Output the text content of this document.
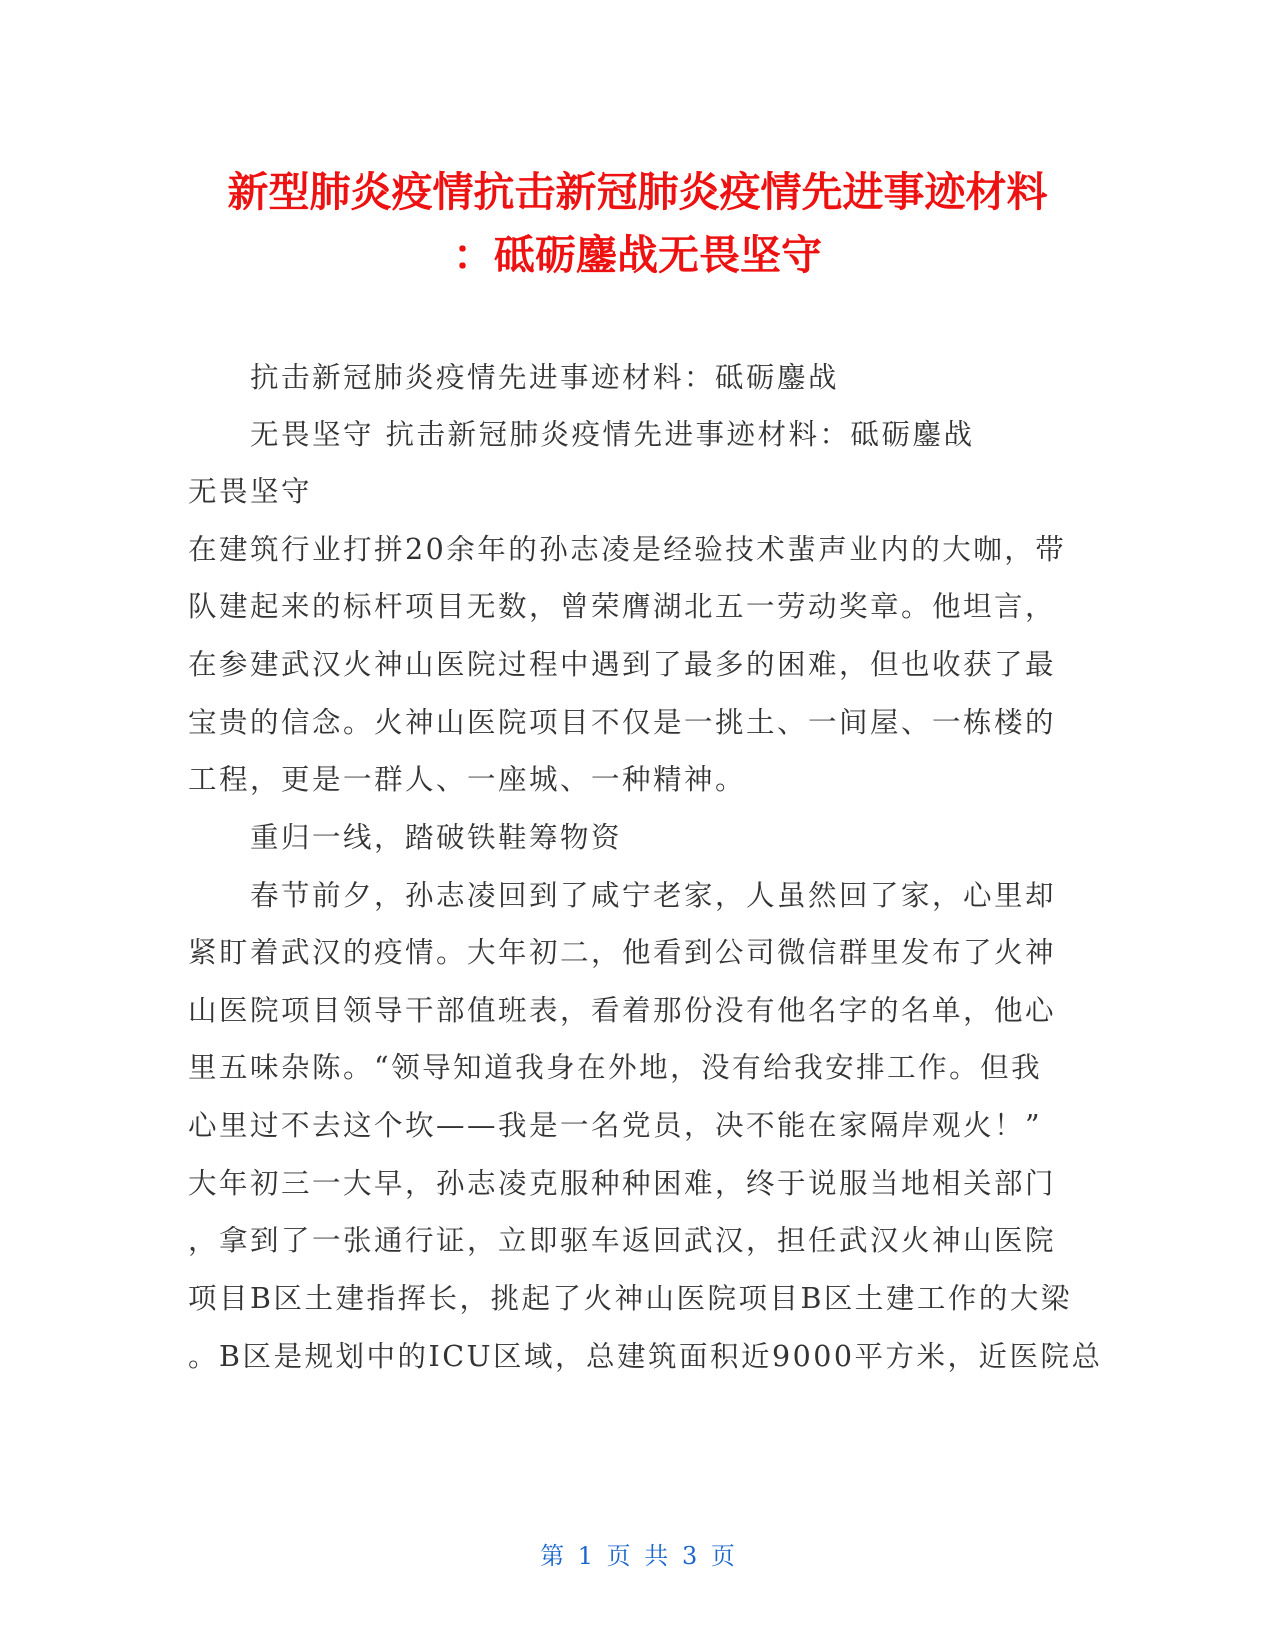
新型肺炎疫情抗击新冠肺炎疫情先进事迹材料
：砥砺鏖战无畏坚守

抗击新冠肺炎疫情先进事迹材料：砥砺鏖战

无畏坚守 抗击新冠肺炎疫情先进事迹材料：砥砺鏖战

无畏坚守

在建筑行业打拼20余年的孙志凌是经验技术蜚声业内的大咖，带

队建起来的标杆项目无数，曾荣膺湖北五一劳动奖章。他坦言，

在参建武汉火神山医院过程中遇到了最多的困难，但也收获了最

宝贵的信念。火神山医院项目不仅是一挑土、一间屋、一栋楼的

工程，更是一群人、一座城、一种精神。

重归一线，踏破铁鞋筹物资

春节前夕，孙志凌回到了咸宁老家，人虽然回了家，心里却

紧盯着武汉的疫情。大年初二，他看到公司微信群里发布了火神

山医院项目领导干部值班表，看着那份没有他名字的名单，他心

里五味杂陈。“领导知道我身在外地，没有给我安排工作。但我

心里过不去这个坎——我是一名党员，决不能在家隔岸观火！”

大年初三一大早，孙志凌克服种种困难，终于说服当地相关部门

，拿到了一张通行证，立即驱车返回武汉，担任武汉火神山医院

项目B区土建指挥长，挑起了火神山医院项目B区土建工作的大梁

。B区是规划中的ICU区域，总建筑面积近9000平方米，近医院总

第 1 页 共 3 页
